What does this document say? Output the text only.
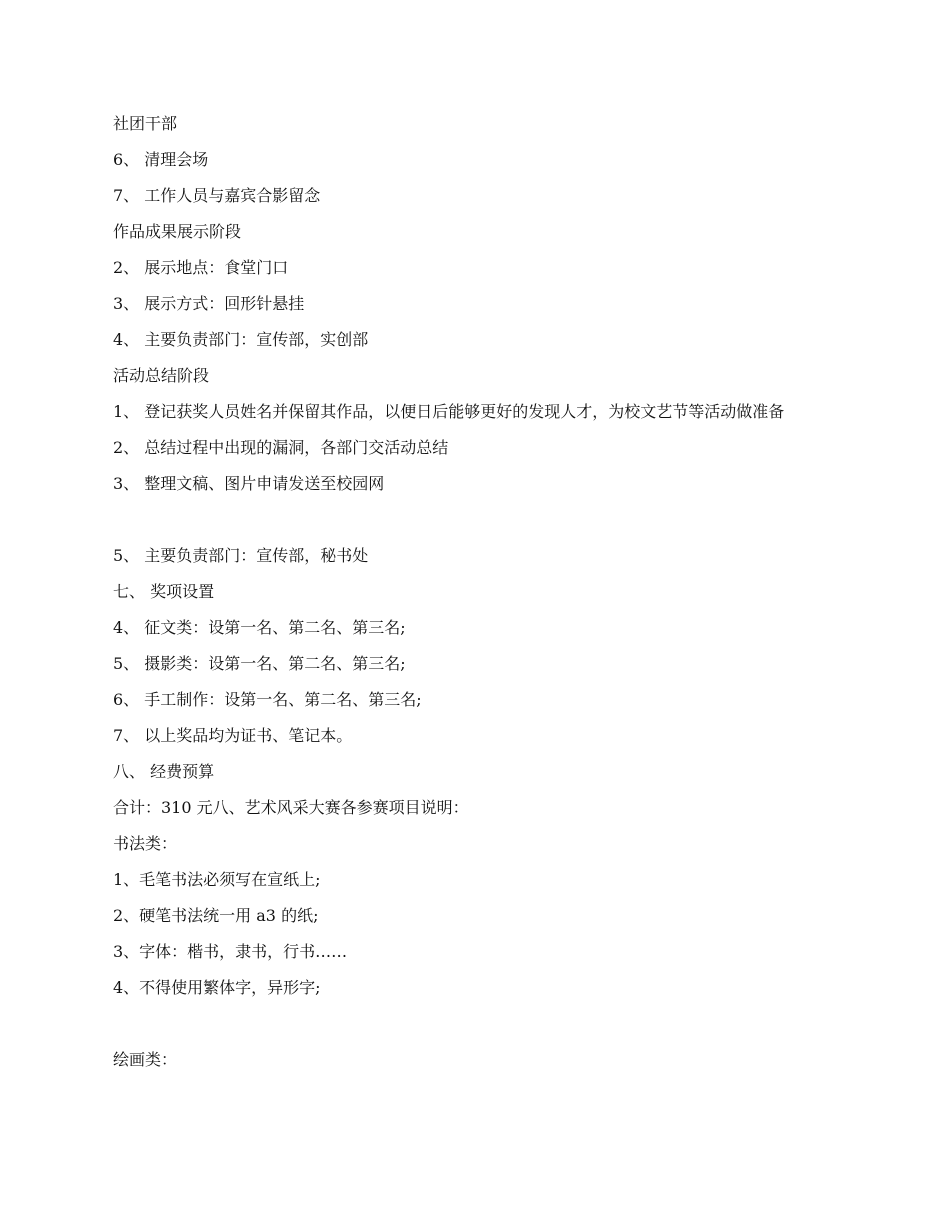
社团干部
6、 清理会场
7、 工作人员与嘉宾合影留念
作品成果展示阶段
2、 展示地点：食堂门口
3、 展示方式：回形针悬挂
4、 主要负责部门：宣传部，实创部
活动总结阶段
1、 登记获奖人员姓名并保留其作品，以便日后能够更好的发现人才，为校文艺节等活动做准备
2、 总结过程中出现的漏洞，各部门交活动总结
3、 整理文稿、图片申请发送至校园网
5、 主要负责部门：宣传部，秘书处
七、 奖项设置
4、 征文类：设第一名、第二名、第三名;
5、 摄影类：设第一名、第二名、第三名;
6、 手工制作：设第一名、第二名、第三名;
7、 以上奖品均为证书、笔记本。
八、 经费预算
合计：310 元八、艺术风采大赛各参赛项目说明：
书法类：
1、毛笔书法必须写在宣纸上;
2、硬笔书法统一用 a3 的纸;
3、字体：楷书，隶书，行书……
4、不得使用繁体字，异形字;
绘画类：
